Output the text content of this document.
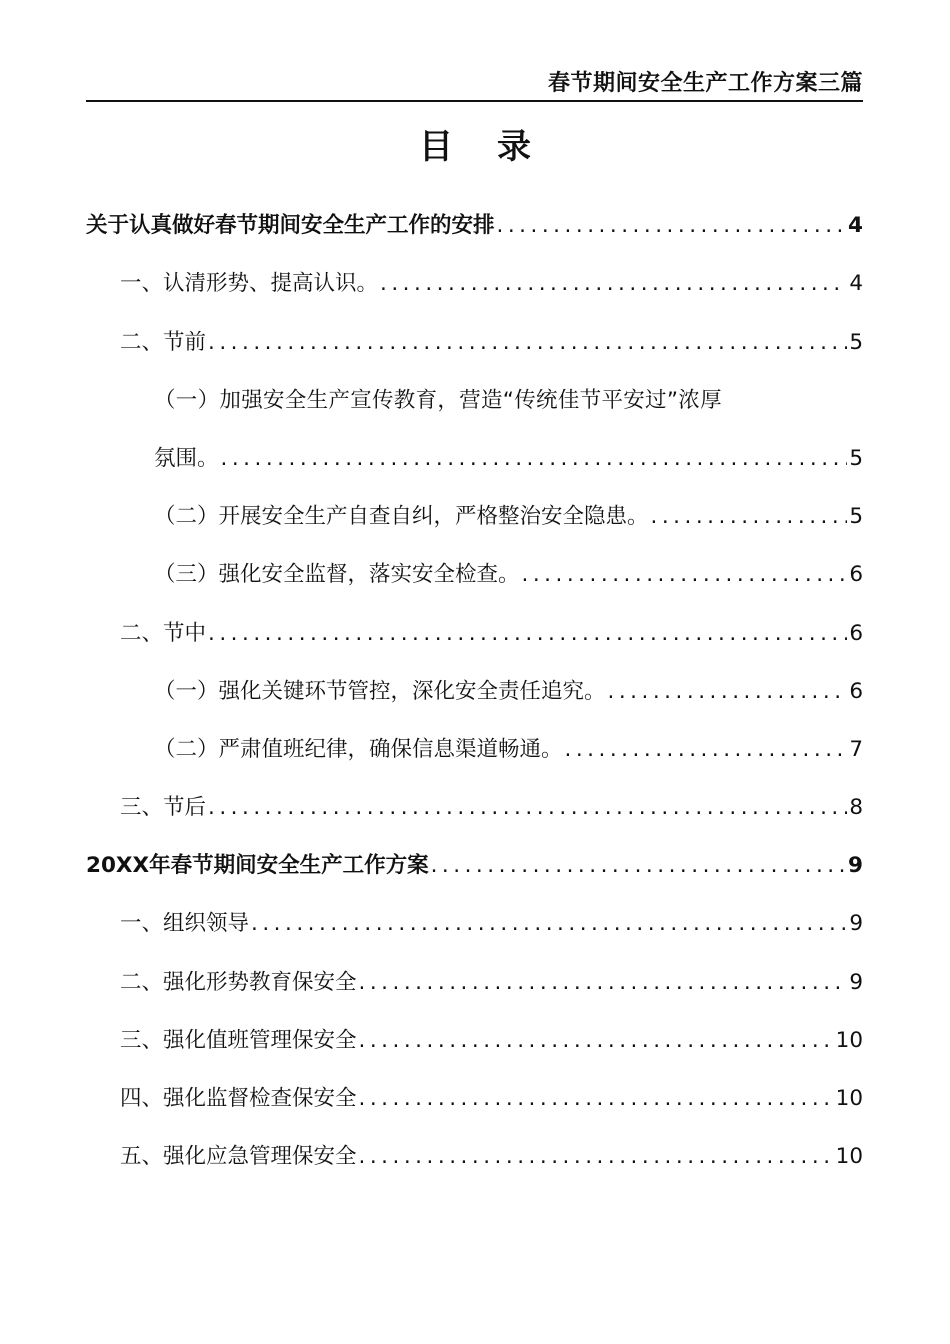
春节期间安全生产工作方案三篇
目录
关于认真做好春节期间安全生产工作的安排 .....	4
一、认清形势、提高认识。 .....	4
二、节前 .....	5
（一）加强安全生产宣传教育，营造“传统佳节平安过”浓厚
氛围。 .....	5
（二）开展安全生产自查自纠，严格整治安全隐患。 .....	5
（三）强化安全监督，落实安全检查。 .....	6
二、节中 .....	6
（一）强化关键环节管控，深化安全责任追究。 .....	6
（二）严肃值班纪律，确保信息渠道畅通。 .....	7
三、节后 .....	8
20XX年春节期间安全生产工作方案 .....	9
一、组织领导 .....	9
二、强化形势教育保安全 .....	9
三、强化值班管理保安全 .....	10
四、强化监督检查保安全 .....	10
五、强化应急管理保安全 .....	10
